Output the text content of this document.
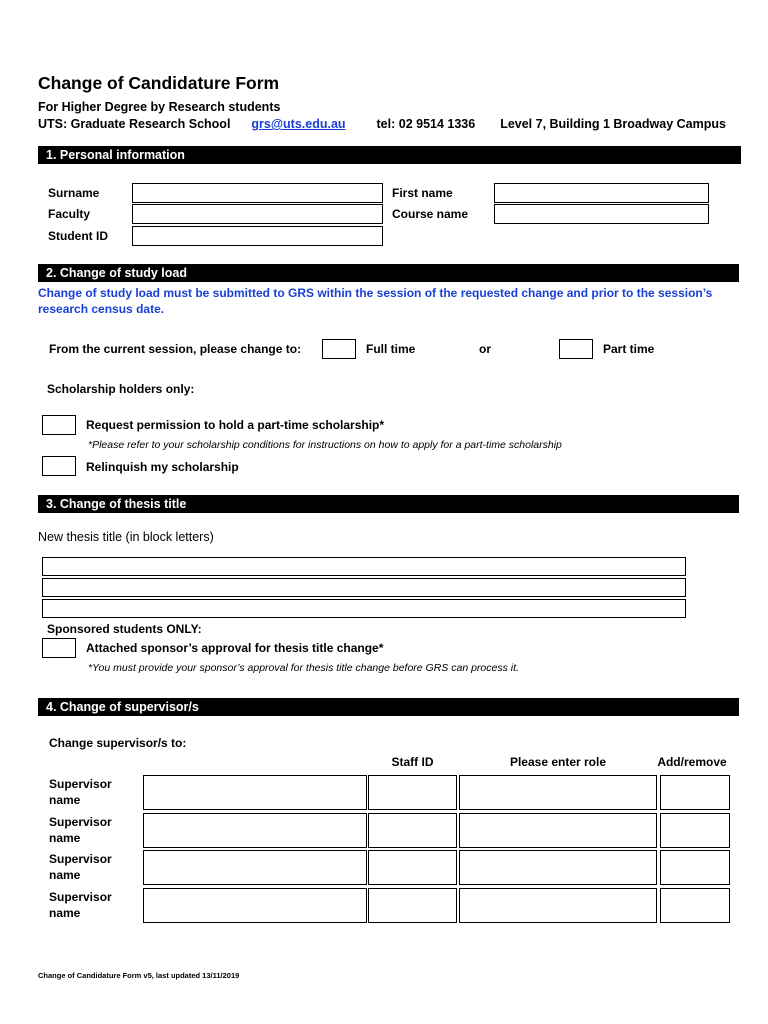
Change of Candidature Form
For Higher Degree by Research students
UTS: Graduate Research School grs@uts.edu.au tel: 02 9514 1336 Level 7, Building 1 Broadway Campus
1. Personal information
Surname	First name
Faculty	Course name
Student ID
2. Change of study load
Change of study load must be submitted to GRS within the session of the requested change and prior to the session’s research census date.
From the current session, please change to:	Full time	or	Part time
Scholarship holders only:
Request permission to hold a part-time scholarship*
*Please refer to your scholarship conditions for instructions on how to apply for a part-time scholarship
Relinquish my scholarship
3. Change of thesis title
New thesis title (in block letters)
Sponsored students ONLY:
Attached sponsor’s approval for thesis title change*
*You must provide your sponsor’s approval for thesis title change before GRS can process it.
4. Change of supervisor/s
Change supervisor/s to:
Staff ID	Please enter role	Add/remove
Supervisor
name
Supervisor
name
Supervisor
name
Supervisor
name
Change of Candidature Form v5, last updated 13/11/2019
